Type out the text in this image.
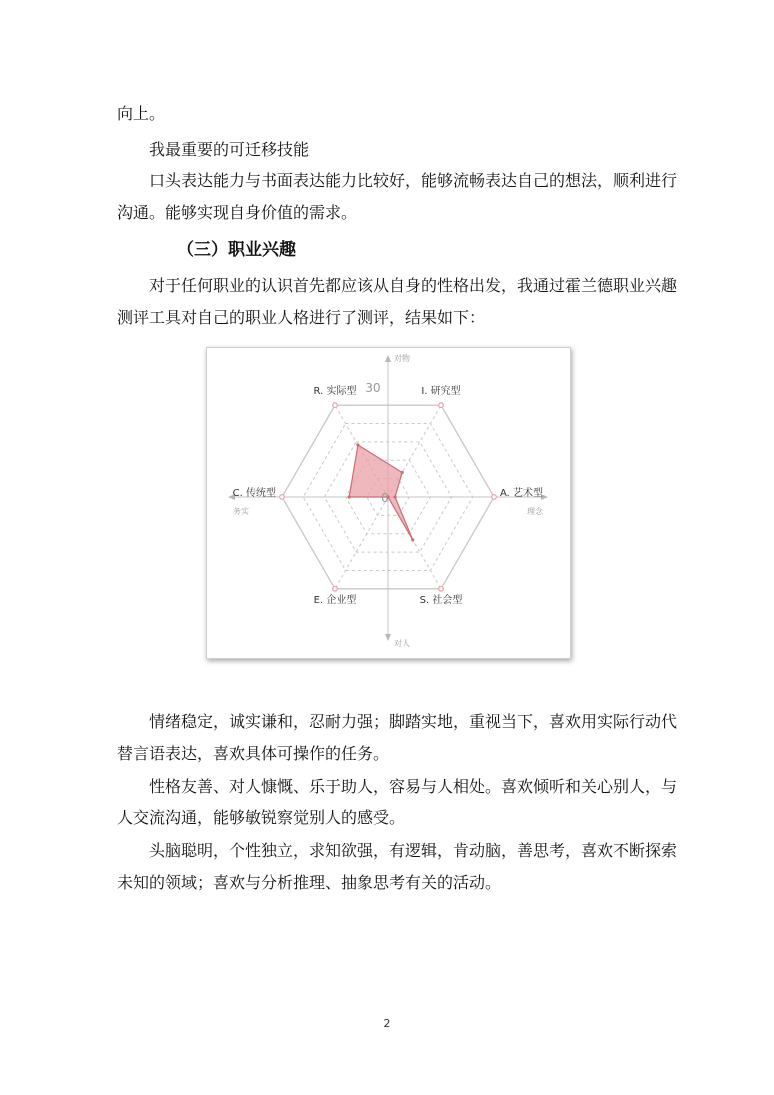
向上。

我最重要的可迁移技能

口头表达能力与书面表达能力比较好，能够流畅表达自己的想法，顺利进行

沟通。能够实现自身价值的需求。

（三）职业兴趣

对于任何职业的认识首先都应该从自身的性格出发，我通过霍兰德职业兴趣

测评工具对自己的职业人格进行了测评，结果如下：

R. 实际型	I. 研究型
A. 艺术型
S. 社会型
E. 企业型
C. 传统型	0
30
对物
对人
务实	理念

情绪稳定，诚实谦和，忍耐力强；脚踏实地，重视当下，喜欢用实际行动代

替言语表达，喜欢具体可操作的任务。

性格友善、对人慷慨、乐于助人，容易与人相处。喜欢倾听和关心别人，与

人交流沟通，能够敏锐察觉别人的感受。

头脑聪明，个性独立，求知欲强，有逻辑，肯动脑，善思考，喜欢不断探索

未知的领域；喜欢与分析推理、抽象思考有关的活动。

2
